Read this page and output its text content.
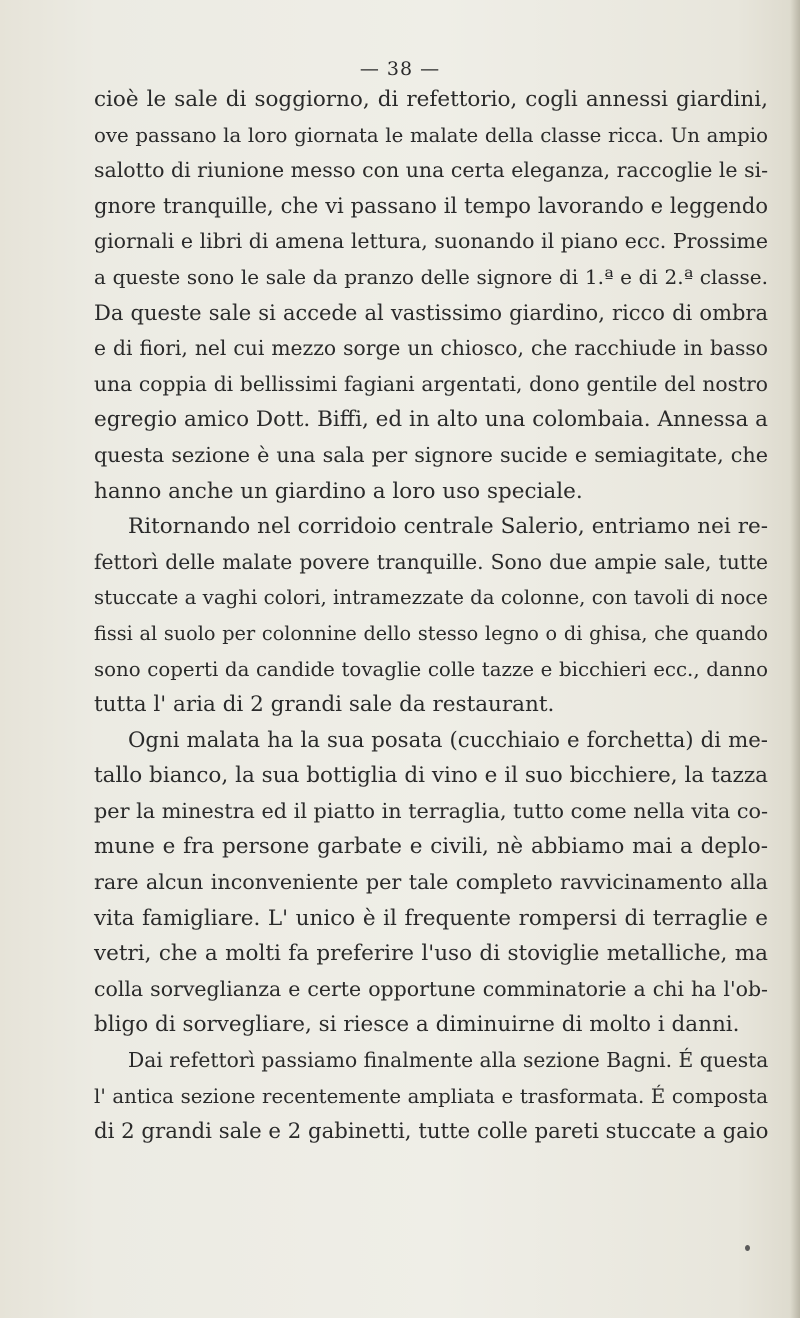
— 38 —
cioè le sale di soggiorno, di refettorio, cogli annessi giardini,
ove passano la loro giornata le malate della classe ricca. Un ampio
salotto di riunione messo con una certa eleganza, raccoglie le si-
gnore tranquille, che vi passano il tempo lavorando e leggendo
giornali e libri di amena lettura, suonando il piano ecc. Prossime
a queste sono le sale da pranzo delle signore di 1.ª e di 2.ª classe.
Da queste sale si accede al vastissimo giardino, ricco di ombra
e di fiori, nel cui mezzo sorge un chiosco, che racchiude in basso
una coppia di bellissimi fagiani argentati, dono gentile del nostro
egregio amico Dott. Biffi, ed in alto una colombaia. Annessa a
questa sezione è una sala per signore sucide e semiagitate, che
hanno anche un giardino a loro uso speciale.
Ritornando nel corridoio centrale Salerio, entriamo nei re-
fettorì delle malate povere tranquille. Sono due ampie sale, tutte
stuccate a vaghi colori, intramezzate da colonne, con tavoli di noce
fissi al suolo per colonnine dello stesso legno o di ghisa, che quando
sono coperti da candide tovaglie colle tazze e bicchieri ecc., danno
tutta l' aria di 2 grandi sale da restaurant.
Ogni malata ha la sua posata (cucchiaio e forchetta) di me-
tallo bianco, la sua bottiglia di vino e il suo bicchiere, la tazza
per la minestra ed il piatto in terraglia, tutto come nella vita co-
mune e fra persone garbate e civili, nè abbiamo mai a deplo-
rare alcun inconveniente per tale completo ravvicinamento alla
vita famigliare. L' unico è il frequente rompersi di terraglie e
vetri, che a molti fa preferire l'uso di stoviglie metalliche, ma
colla sorveglianza e certe opportune comminatorie a chi ha l'ob-
bligo di sorvegliare, si riesce a diminuirne di molto i danni.
Dai refettorì passiamo finalmente alla sezione Bagni. É questa
l' antica sezione recentemente ampliata e trasformata. É composta
di 2 grandi sale e 2 gabinetti, tutte colle pareti stuccate a gaio
